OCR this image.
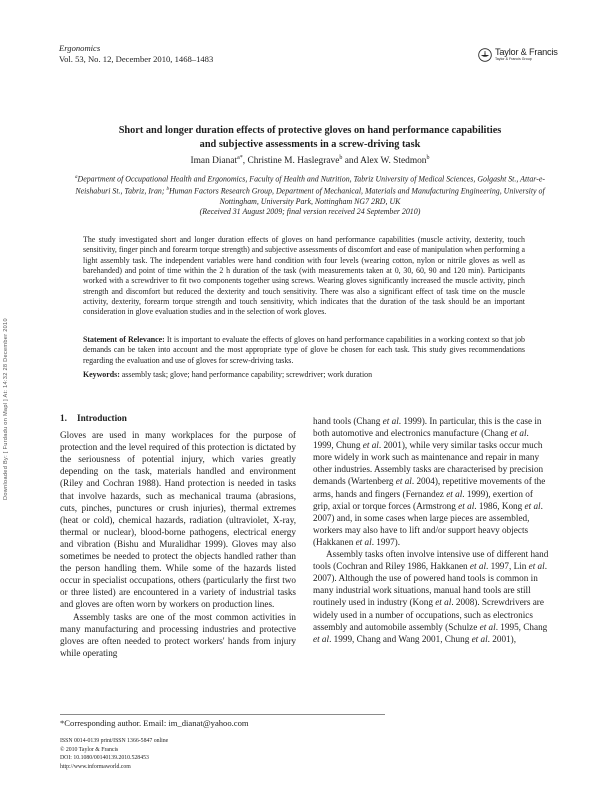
Ergonomics
Vol. 53, No. 12, December 2010, 1468–1483
Taylor & Francis
Taylor & Francis Group
Downloaded By: [ Furdadu on Mapl ] At: 14:32 28 December 2010
Short and longer duration effects of protective gloves on hand performance capabilities
and subjective assessments in a screw-driving task
Iman Dianat$^{a*}$, Christine M. Haslegrave$^b$ and Alex W. Stedmon$^b$
$^a$Department of Occupational Health and Ergonomics, Faculty of Health and Nutrition, Tabriz University of Medical Sciences, Golgasht St., Attar-e-Neishaburi St., Tabriz, Iran; $^b$Human Factors Research Group, Department of Mechanical, Materials and Manufacturing Engineering, University of Nottingham, University Park, Nottingham NG7 2RD, UK
(Received 31 August 2009; final version received 24 September 2010)
The study investigated short and longer duration effects of gloves on hand performance capabilities (muscle activity, dexterity, touch sensitivity, finger pinch and forearm torque strength) and subjective assessments of discomfort and ease of manipulation when performing a light assembly task. The independent variables were hand condition with four levels (wearing cotton, nylon or nitrile gloves as well as barehanded) and point of time within the 2 h duration of the task (with measurements taken at 0, 30, 60, 90 and 120 min). Participants worked with a screwdriver to fit two components together using screws. Wearing gloves significantly increased the muscle activity, pinch strength and discomfort but reduced the dexterity and touch sensitivity. There was also a significant effect of task time on the muscle activity, dexterity, forearm torque strength and touch sensitivity, which indicates that the duration of the task should be an important consideration in glove evaluation studies and in the selection of work gloves.
Statement of Relevance: It is important to evaluate the effects of gloves on hand performance capabilities in a working context so that job demands can be taken into account and the most appropriate type of glove be chosen for each task. This study gives recommendations regarding the evaluation and use of gloves for screw-driving tasks.
Keywords: assembly task; glove; hand performance capability; screwdriver; work duration
1. Introduction

Gloves are used in many workplaces for the purpose of protection and the level required of this protection is dictated by the seriousness of potential injury, which varies greatly depending on the task, materials handled and environment (Riley and Cochran 1988). Hand protection is needed in tasks that involve hazards, such as mechanical trauma (abrasions, cuts, pinches, punctures or crush injuries), thermal extremes (heat or cold), chemical hazards, radiation (ultraviolet, X-ray, thermal or nuclear), blood-borne pathogens, electrical energy and vibration (Bishu and Muralidhar 1999). Gloves may also sometimes be needed to protect the objects handled rather than the person handling them. While some of the hazards listed occur in specialist occupations, others (particularly the first two or three listed) are encountered in a variety of industrial tasks and gloves are often worn by workers on production lines.

Assembly tasks are one of the most common activities in many manufacturing and processing industries and protective gloves are often needed to protect workers' hands from injury while operating

hand tools (Chang et al. 1999). In particular, this is the case in both automotive and electronics manufacture (Chang et al. 1999, Chung et al. 2001), while very similar tasks occur much more widely in work such as maintenance and repair in many other industries. Assembly tasks are characterised by precision demands (Wartenberg et al. 2004), repetitive movements of the arms, hands and fingers (Fernandez et al. 1999), exertion of grip, axial or torque forces (Armstrong et al. 1986, Kong et al. 2007) and, in some cases when large pieces are assembled, workers may also have to lift and/or support heavy objects (Hakkanen et al. 1997).

Assembly tasks often involve intensive use of different hand tools (Cochran and Riley 1986, Hakkanen et al. 1997, Lin et al. 2007). Although the use of powered hand tools is common in many industrial work situations, manual hand tools are still routinely used in industry (Kong et al. 2008). Screwdrivers are widely used in a number of occupations, such as electronics assembly and automobile assembly (Schulze et al. 1995, Chang et al. 1999, Chang and Wang 2001, Chung et al. 2001),

*Corresponding author. Email: im_dianat@yahoo.com
ISSN 0014-0139 print/ISSN 1366-5847 online
© 2010 Taylor & Francis
DOI: 10.1080/00140139.2010.528453
http://www.informaworld.com
